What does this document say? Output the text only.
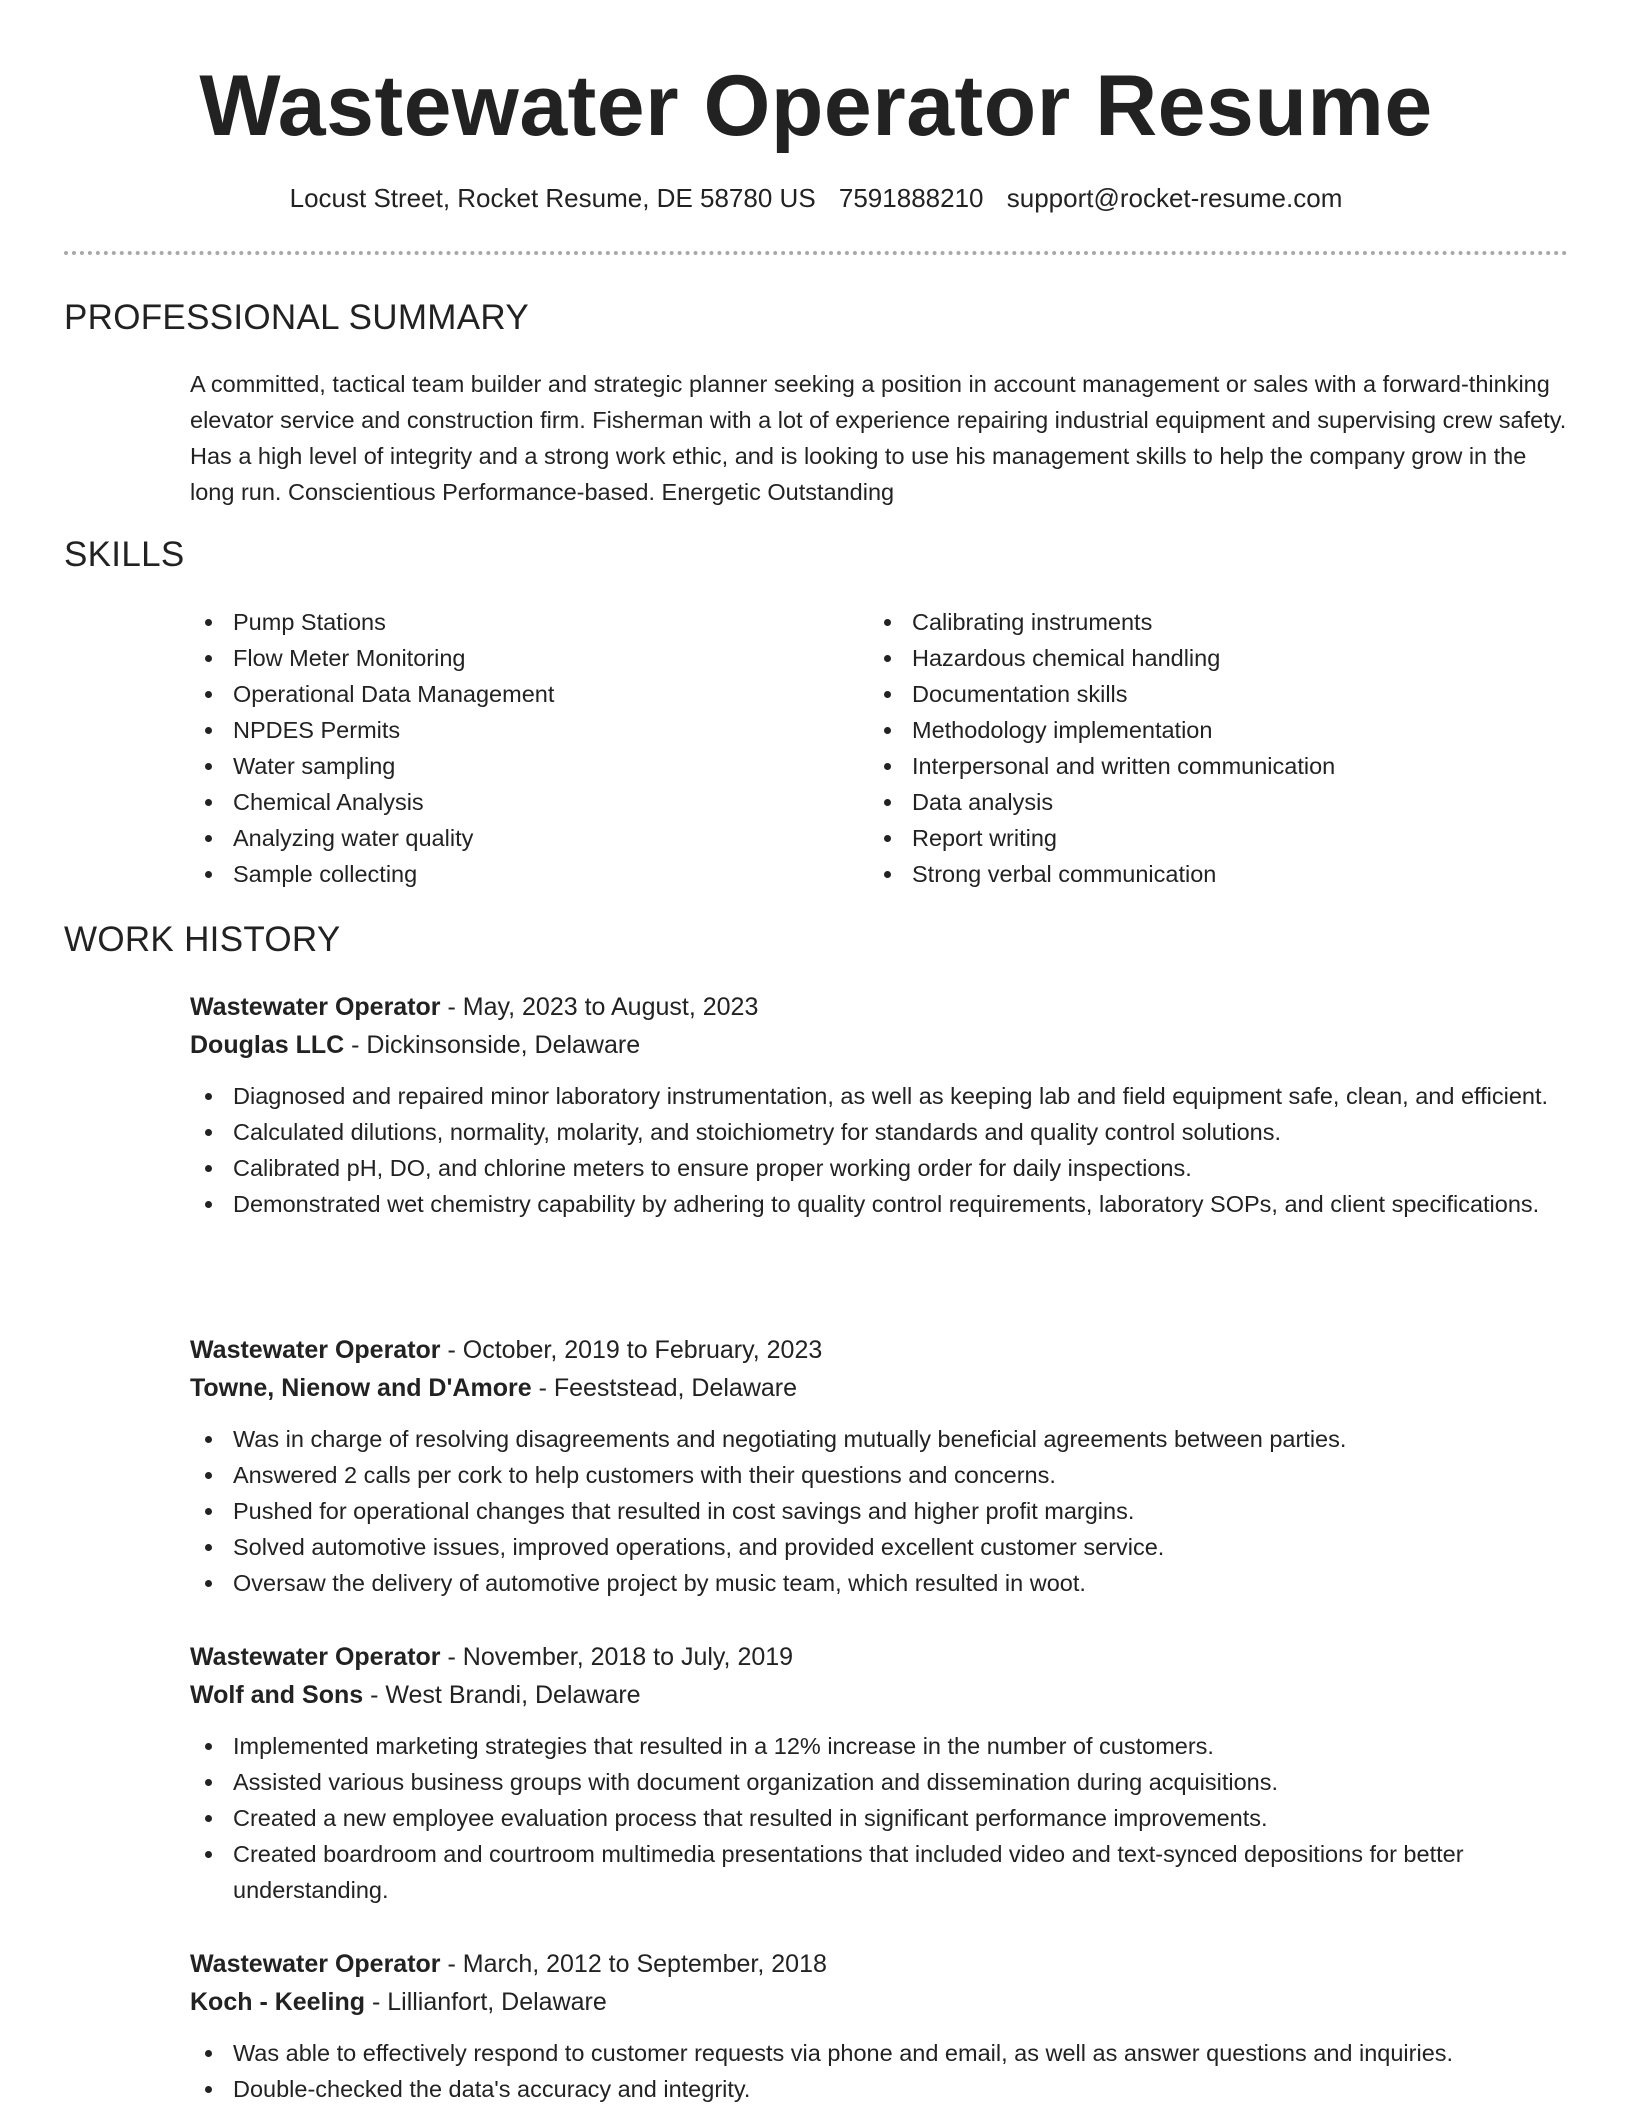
Wastewater Operator Resume
Locust Street, Rocket Resume, DE 58780 US 7591888210 support@rocket-resume.com
PROFESSIONAL SUMMARY

A committed, tactical team builder and strategic planner seeking a position in account management or sales with a forward-thinking elevator service and construction firm. Fisherman with a lot of experience repairing industrial equipment and supervising crew safety. Has a high level of integrity and a strong work ethic, and is looking to use his management skills to help the company grow in the long run. Conscientious Performance-based. Energetic Outstanding

SKILLS
Pump Stations
Flow Meter Monitoring
Operational Data Management
NPDES Permits
Water sampling
Chemical Analysis
Analyzing water quality
Sample collecting
Calibrating instruments
Hazardous chemical handling
Documentation skills
Methodology implementation
Interpersonal and written communication
Data analysis
Report writing
Strong verbal communication
WORK HISTORY
Wastewater Operator - May, 2023 to August, 2023
Douglas LLC - Dickinsonside, Delaware
Diagnosed and repaired minor laboratory instrumentation, as well as keeping lab and field equipment safe, clean, and efficient.
Calculated dilutions, normality, molarity, and stoichiometry for standards and quality control solutions.
Calibrated pH, DO, and chlorine meters to ensure proper working order for daily inspections.
Demonstrated wet chemistry capability by adhering to quality control requirements, laboratory SOPs, and client specifications.
Wastewater Operator - October, 2019 to February, 2023
Towne, Nienow and D'Amore - Feeststead, Delaware
Was in charge of resolving disagreements and negotiating mutually beneficial agreements between parties.
Answered 2 calls per cork to help customers with their questions and concerns.
Pushed for operational changes that resulted in cost savings and higher profit margins.
Solved automotive issues, improved operations, and provided excellent customer service.
Oversaw the delivery of automotive project by music team, which resulted in woot.
Wastewater Operator - November, 2018 to July, 2019
Wolf and Sons - West Brandi, Delaware
Implemented marketing strategies that resulted in a 12% increase in the number of customers.
Assisted various business groups with document organization and dissemination during acquisitions.
Created a new employee evaluation process that resulted in significant performance improvements.
Created boardroom and courtroom multimedia presentations that included video and text-synced depositions for better understanding.
Wastewater Operator - March, 2012 to September, 2018
Koch - Keeling - Lillianfort, Delaware
Was able to effectively respond to customer requests via phone and email, as well as answer questions and inquiries.
Double-checked the data's accuracy and integrity.
